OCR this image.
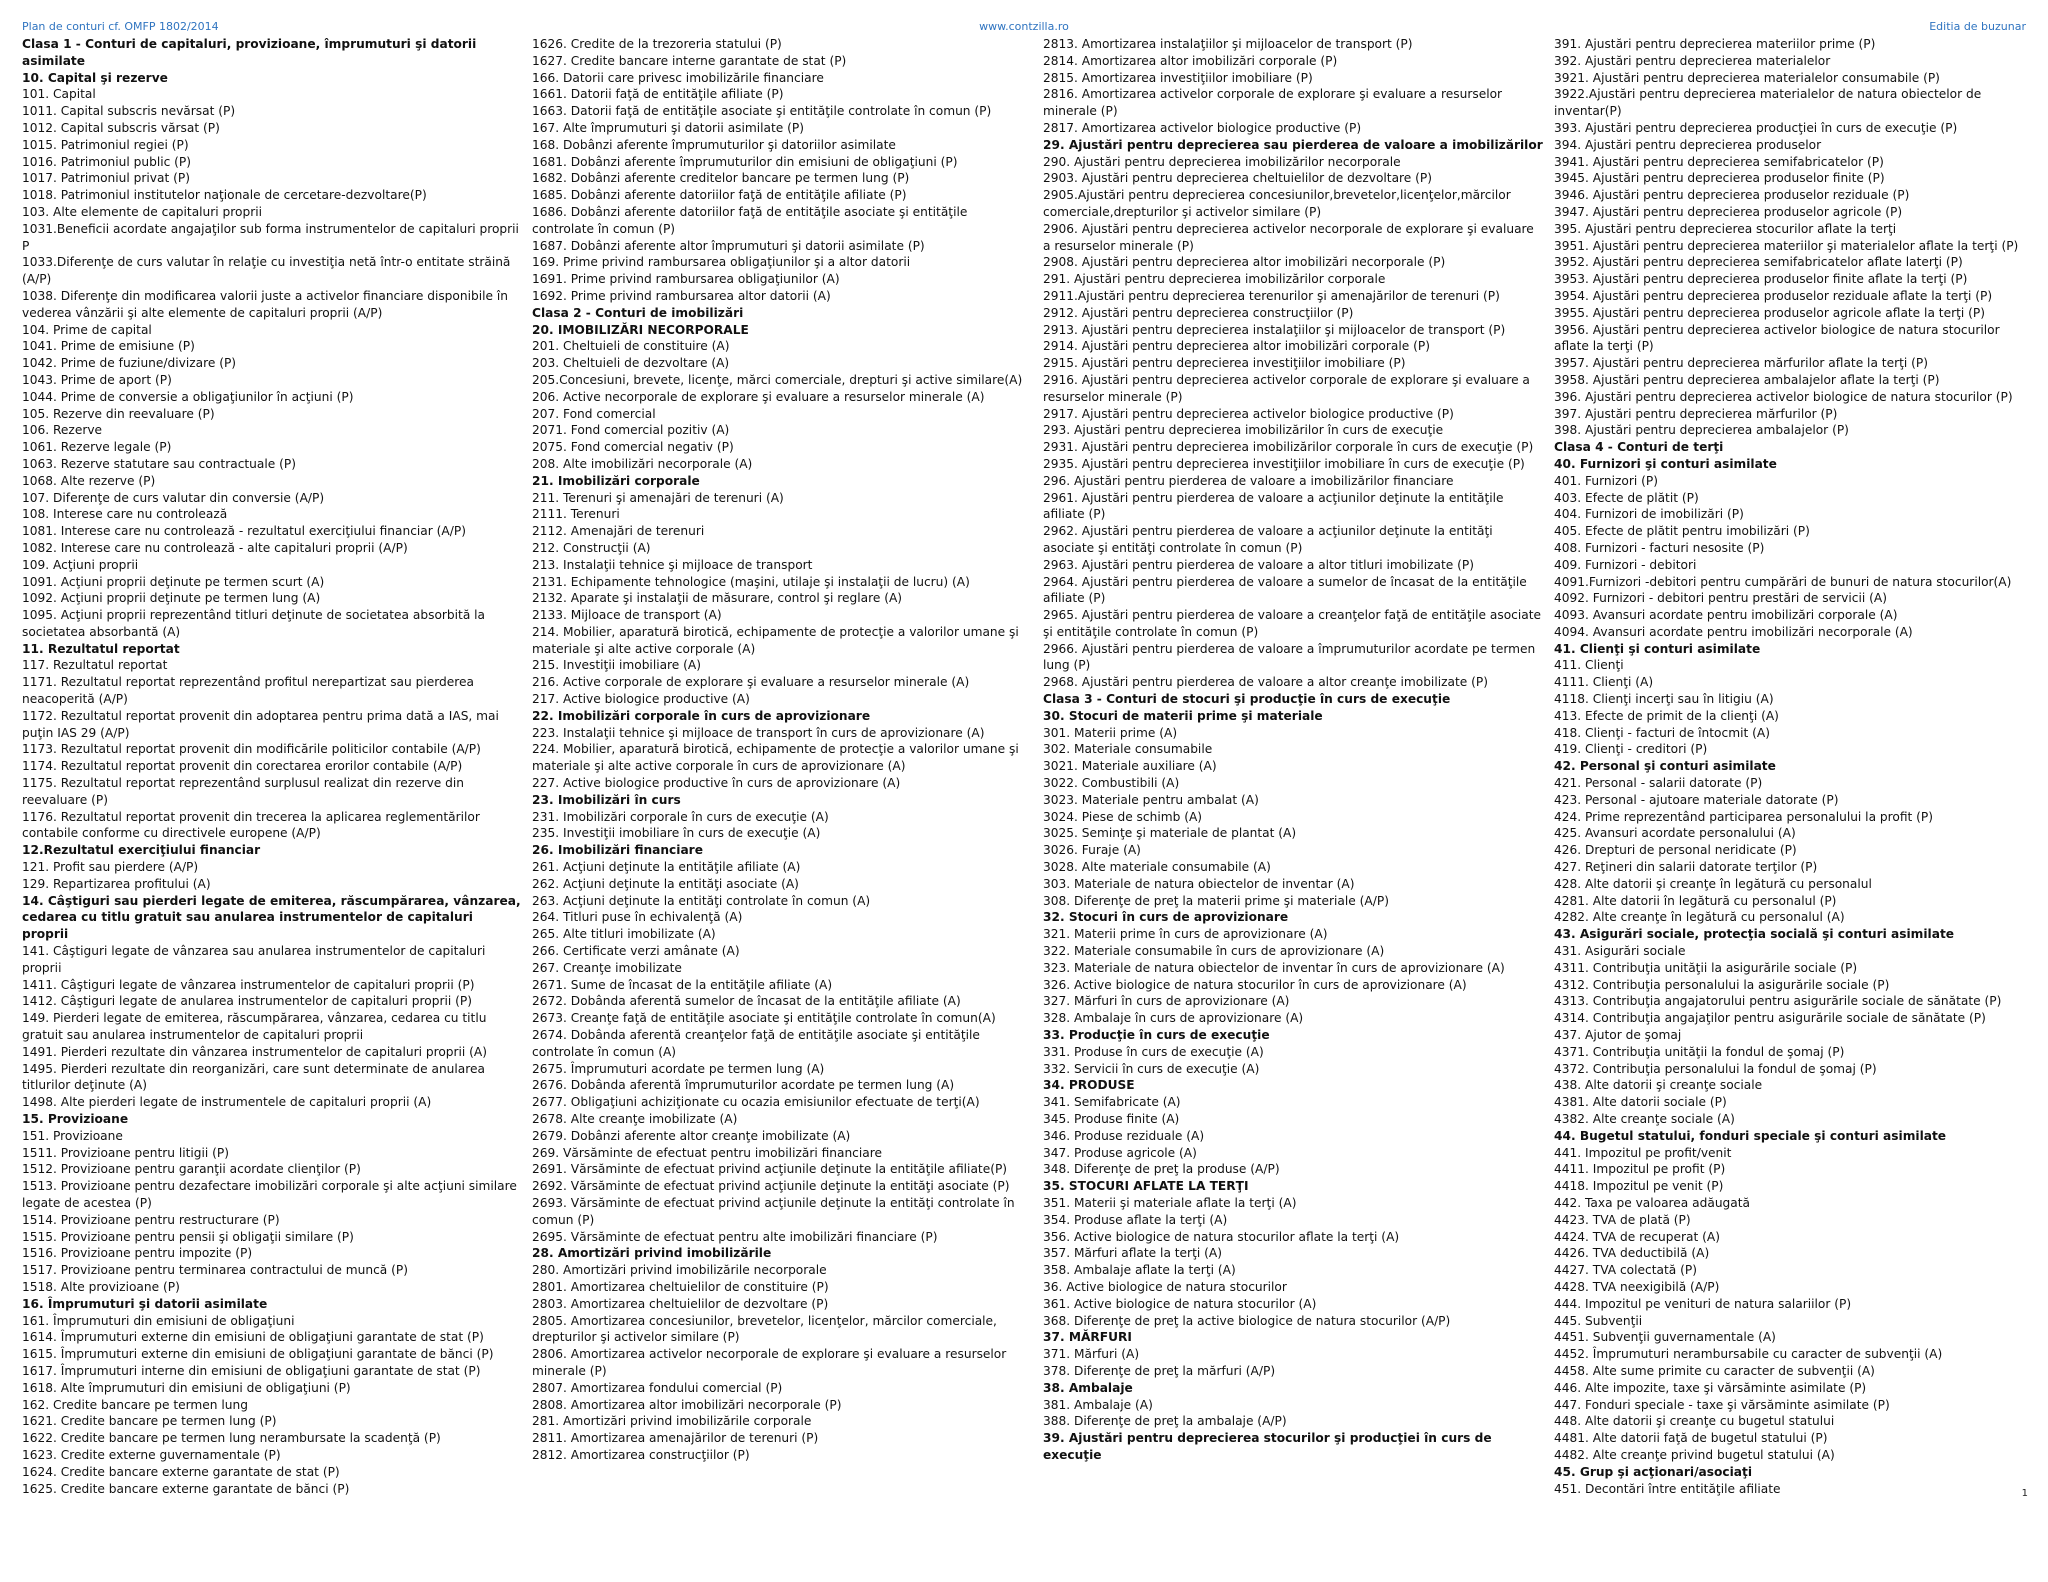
Plan de conturi cf. OMFP 1802/2014	www.contzilla.ro	Editia de buzunar
Clasa 1 - Conturi de capitaluri, provizioane, împrumuturi şi datorii asimilate
10. Capital şi rezerve
101. Capital
1011. Capital subscris nevărsat (P)
1012. Capital subscris vărsat (P)
1015. Patrimoniul regiei (P)
1016. Patrimoniul public (P)
1017. Patrimoniul privat (P)
1018. Patrimoniul institutelor naţionale de cercetare-dezvoltare(P)
103. Alte elemente de capitaluri proprii
1031.Beneficii acordate angajaţilor sub forma instrumentelor de capitaluri proprii P
1033.Diferenţe de curs valutar în relaţie cu investiţia netă într-o entitate străină (A/P)
1038. Diferenţe din modificarea valorii juste a activelor financiare disponibile în vederea vânzării şi alte elemente de capitaluri proprii (A/P)
104. Prime de capital
1041. Prime de emisiune (P)
1042. Prime de fuziune/divizare (P)
1043. Prime de aport (P)
1044. Prime de conversie a obligaţiunilor în acţiuni (P)
105. Rezerve din reevaluare (P)
106. Rezerve
1061. Rezerve legale (P)
1063. Rezerve statutare sau contractuale (P)
1068. Alte rezerve (P)
107. Diferenţe de curs valutar din conversie (A/P)
108. Interese care nu controlează
1081. Interese care nu controlează - rezultatul exerciţiului financiar (A/P)
1082. Interese care nu controlează - alte capitaluri proprii (A/P)
109. Acţiuni proprii
1091. Acţiuni proprii deţinute pe termen scurt (A)
1092. Acţiuni proprii deţinute pe termen lung (A)
1095. Acţiuni proprii reprezentând titluri deţinute de societatea absorbită la societatea absorbantă (A)
11. Rezultatul reportat
117. Rezultatul reportat
1171. Rezultatul reportat reprezentând profitul nerepartizat sau pierderea neacoperită (A/P)
1172. Rezultatul reportat provenit din adoptarea pentru prima dată a IAS, mai puţin IAS 29 (A/P)
1173. Rezultatul reportat provenit din modificările politicilor contabile (A/P)
1174. Rezultatul reportat provenit din corectarea erorilor contabile (A/P)
1175. Rezultatul reportat reprezentând surplusul realizat din rezerve din reevaluare (P)
1176. Rezultatul reportat provenit din trecerea la aplicarea reglementărilor contabile conforme cu directivele europene (A/P)
12.Rezultatul exerciţiului financiar
121. Profit sau pierdere (A/P)
129. Repartizarea profitului (A)
14. Câştiguri sau pierderi legate de emiterea, răscumpărarea, vânzarea, cedarea cu titlu gratuit sau anularea instrumentelor de capitaluri proprii
141. Câştiguri legate de vânzarea sau anularea instrumentelor de capitaluri proprii
1411. Câştiguri legate de vânzarea instrumentelor de capitaluri proprii (P)
1412. Câştiguri legate de anularea instrumentelor de capitaluri proprii (P)
149. Pierderi legate de emiterea, răscumpărarea, vânzarea, cedarea cu titlu gratuit sau anularea instrumentelor de capitaluri proprii
1491. Pierderi rezultate din vânzarea instrumentelor de capitaluri proprii (A)
1495. Pierderi rezultate din reorganizări, care sunt determinate de anularea titlurilor deţinute (A)
1498. Alte pierderi legate de instrumentele de capitaluri proprii (A)
15. Provizioane
151. Provizioane
1511. Provizioane pentru litigii (P)
1512. Provizioane pentru garanţii acordate clienţilor (P)
1513. Provizioane pentru dezafectare imobilizări corporale şi alte acţiuni similare legate de acestea (P)
1514. Provizioane pentru restructurare (P)
1515. Provizioane pentru pensii şi obligaţii similare (P)
1516. Provizioane pentru impozite (P)
1517. Provizioane pentru terminarea contractului de muncă (P)
1518. Alte provizioane (P)
16. Împrumuturi şi datorii asimilate
161. Împrumuturi din emisiuni de obligaţiuni
1614. Împrumuturi externe din emisiuni de obligaţiuni garantate de stat (P)
1615. Împrumuturi externe din emisiuni de obligaţiuni garantate de bănci (P)
1617. Împrumuturi interne din emisiuni de obligaţiuni garantate de stat (P)
1618. Alte împrumuturi din emisiuni de obligaţiuni (P)
162. Credite bancare pe termen lung
1621. Credite bancare pe termen lung (P)
1622. Credite bancare pe termen lung nerambursate la scadenţă (P)
1623. Credite externe guvernamentale (P)
1624. Credite bancare externe garantate de stat (P)
1625. Credite bancare externe garantate de bănci (P)
1626. Credite de la trezoreria statului (P)
1627. Credite bancare interne garantate de stat (P)
166. Datorii care privesc imobilizările financiare
1661. Datorii faţă de entităţile afiliate (P)
1663. Datorii faţă de entităţile asociate şi entităţile controlate în comun (P)
167. Alte împrumuturi şi datorii asimilate (P)
168. Dobânzi aferente împrumuturilor şi datoriilor asimilate
1681. Dobânzi aferente împrumuturilor din emisiuni de obligaţiuni (P)
1682. Dobânzi aferente creditelor bancare pe termen lung (P)
1685. Dobânzi aferente datoriilor faţă de entităţile afiliate (P)
1686. Dobânzi aferente datoriilor faţă de entităţile asociate şi entităţile controlate în comun (P)
1687. Dobânzi aferente altor împrumuturi şi datorii asimilate (P)
169. Prime privind rambursarea obligaţiunilor şi a altor datorii
1691. Prime privind rambursarea obligaţiunilor (A)
1692. Prime privind rambursarea altor datorii (A)
Clasa 2 - Conturi de imobilizări
20. IMOBILIZĂRI NECORPORALE
201. Cheltuieli de constituire (A)
203. Cheltuieli de dezvoltare (A)
205.Concesiuni, brevete, licenţe, mărci comerciale, drepturi şi active similare(A)
206. Active necorporale de explorare şi evaluare a resurselor minerale (A)
207. Fond comercial
2071. Fond comercial pozitiv (A)
2075. Fond comercial negativ (P)
208. Alte imobilizări necorporale (A)
21. Imobilizări corporale
211. Terenuri şi amenajări de terenuri (A)
2111. Terenuri
2112. Amenajări de terenuri
212. Construcţii (A)
213. Instalaţii tehnice şi mijloace de transport
2131. Echipamente tehnologice (maşini, utilaje şi instalaţii de lucru) (A)
2132. Aparate şi instalaţii de măsurare, control şi reglare (A)
2133. Mijloace de transport (A)
214. Mobilier, aparatură birotică, echipamente de protecţie a valorilor umane şi materiale şi alte active corporale (A)
215. Investiţii imobiliare (A)
216. Active corporale de explorare şi evaluare a resurselor minerale (A)
217. Active biologice productive (A)
22. Imobilizări corporale în curs de aprovizionare
223. Instalaţii tehnice şi mijloace de transport în curs de aprovizionare (A)
224. Mobilier, aparatură birotică, echipamente de protecţie a valorilor umane şi materiale şi alte active corporale în curs de aprovizionare (A)
227. Active biologice productive în curs de aprovizionare (A)
23. Imobilizări în curs
231. Imobilizări corporale în curs de execuţie (A)
235. Investiţii imobiliare în curs de execuţie (A)
26. Imobilizări financiare
261. Acţiuni deţinute la entităţile afiliate (A)
262. Acţiuni deţinute la entităţi asociate (A)
263. Acţiuni deţinute la entităţi controlate în comun (A)
264. Titluri puse în echivalenţă (A)
265. Alte titluri imobilizate (A)
266. Certificate verzi amânate (A)
267. Creanţe imobilizate
2671. Sume de încasat de la entităţile afiliate (A)
2672. Dobânda aferentă sumelor de încasat de la entităţile afiliate (A)
2673. Creanţe faţă de entităţile asociate şi entităţile controlate în comun(A)
2674. Dobânda aferentă creanţelor faţă de entităţile asociate şi entităţile controlate în comun (A)
2675. Împrumuturi acordate pe termen lung (A)
2676. Dobânda aferentă împrumuturilor acordate pe termen lung (A)
2677. Obligaţiuni achiziţionate cu ocazia emisiunilor efectuate de terţi(A)
2678. Alte creanţe imobilizate (A)
2679. Dobânzi aferente altor creanţe imobilizate (A)
269. Vărsăminte de efectuat pentru imobilizări financiare
2691. Vărsăminte de efectuat privind acţiunile deţinute la entităţile afiliate(P)
2692. Vărsăminte de efectuat privind acţiunile deţinute la entităţi asociate (P)
2693. Vărsăminte de efectuat privind acţiunile deţinute la entităţi controlate în comun (P)
2695. Vărsăminte de efectuat pentru alte imobilizări financiare (P)
28. Amortizări privind imobilizările
280. Amortizări privind imobilizările necorporale
2801. Amortizarea cheltuielilor de constituire (P)
2803. Amortizarea cheltuielilor de dezvoltare (P)
2805. Amortizarea concesiunilor, brevetelor, licenţelor, mărcilor comerciale, drepturilor şi activelor similare (P)
2806. Amortizarea activelor necorporale de explorare şi evaluare a resurselor minerale (P)
2807. Amortizarea fondului comercial (P)
2808. Amortizarea altor imobilizări necorporale (P)
281. Amortizări privind imobilizările corporale
2811. Amortizarea amenajărilor de terenuri (P)
2812. Amortizarea construcţiilor (P)
2813. Amortizarea instalaţiilor şi mijloacelor de transport (P)
2814. Amortizarea altor imobilizări corporale (P)
2815. Amortizarea investiţiilor imobiliare (P)
2816. Amortizarea activelor corporale de explorare şi evaluare a resurselor minerale (P)
2817. Amortizarea activelor biologice productive (P)
29. Ajustări pentru deprecierea sau pierderea de valoare a imobilizărilor
290. Ajustări pentru deprecierea imobilizărilor necorporale
2903. Ajustări pentru deprecierea cheltuielilor de dezvoltare (P)
2905.Ajustări pentru deprecierea concesiunilor,brevetelor,licenţelor,mărcilor comerciale,drepturilor şi activelor similare (P)
2906. Ajustări pentru deprecierea activelor necorporale de explorare şi evaluare a resurselor minerale (P)
2908. Ajustări pentru deprecierea altor imobilizări necorporale (P)
291. Ajustări pentru deprecierea imobilizărilor corporale
2911.Ajustări pentru deprecierea terenurilor şi amenajărilor de terenuri (P)
2912. Ajustări pentru deprecierea construcţiilor (P)
2913. Ajustări pentru deprecierea instalaţiilor şi mijloacelor de transport (P)
2914. Ajustări pentru deprecierea altor imobilizări corporale (P)
2915. Ajustări pentru deprecierea investiţiilor imobiliare (P)
2916. Ajustări pentru deprecierea activelor corporale de explorare şi evaluare a resurselor minerale (P)
2917. Ajustări pentru deprecierea activelor biologice productive (P)
293. Ajustări pentru deprecierea imobilizărilor în curs de execuţie
2931. Ajustări pentru deprecierea imobilizărilor corporale în curs de execuţie (P)
2935. Ajustări pentru deprecierea investiţiilor imobiliare în curs de execuţie (P)
296. Ajustări pentru pierderea de valoare a imobilizărilor financiare
2961. Ajustări pentru pierderea de valoare a acţiunilor deţinute la entităţile afiliate (P)
2962. Ajustări pentru pierderea de valoare a acţiunilor deţinute la entităţi asociate şi entităţi controlate în comun (P)
2963. Ajustări pentru pierderea de valoare a altor titluri imobilizate (P)
2964. Ajustări pentru pierderea de valoare a sumelor de încasat de la entităţile afiliate (P)
2965. Ajustări pentru pierderea de valoare a creanţelor faţă de entităţile asociate şi entităţile controlate în comun (P)
2966. Ajustări pentru pierderea de valoare a împrumuturilor acordate pe termen lung (P)
2968. Ajustări pentru pierderea de valoare a altor creanţe imobilizate (P)
Clasa 3 - Conturi de stocuri şi producţie în curs de execuţie
30. Stocuri de materii prime şi materiale
301. Materii prime (A)
302. Materiale consumabile
3021. Materiale auxiliare (A)
3022. Combustibili (A)
3023. Materiale pentru ambalat (A)
3024. Piese de schimb (A)
3025. Seminţe şi materiale de plantat (A)
3026. Furaje (A)
3028. Alte materiale consumabile (A)
303. Materiale de natura obiectelor de inventar (A)
308. Diferenţe de preţ la materii prime şi materiale (A/P)
32. Stocuri în curs de aprovizionare
321. Materii prime în curs de aprovizionare (A)
322. Materiale consumabile în curs de aprovizionare (A)
323. Materiale de natura obiectelor de inventar în curs de aprovizionare (A)
326. Active biologice de natura stocurilor în curs de aprovizionare (A)
327. Mărfuri în curs de aprovizionare (A)
328. Ambalaje în curs de aprovizionare (A)
33. Producţie în curs de execuţie
331. Produse în curs de execuţie (A)
332. Servicii în curs de execuţie (A)
34. PRODUSE
341. Semifabricate (A)
345. Produse finite (A)
346. Produse reziduale (A)
347. Produse agricole (A)
348. Diferenţe de preţ la produse (A/P)
35. STOCURI AFLATE LA TERŢI
351. Materii şi materiale aflate la terţi (A)
354. Produse aflate la terţi (A)
356. Active biologice de natura stocurilor aflate la terţi (A)
357. Mărfuri aflate la terţi (A)
358. Ambalaje aflate la terţi (A)
36. Active biologice de natura stocurilor
361. Active biologice de natura stocurilor (A)
368. Diferenţe de preţ la active biologice de natura stocurilor (A/P)
37. MĂRFURI
371. Mărfuri (A)
378. Diferenţe de preţ la mărfuri (A/P)
38. Ambalaje
381. Ambalaje (A)
388. Diferenţe de preţ la ambalaje (A/P)
39. Ajustări pentru deprecierea stocurilor şi producţiei în curs de execuţie
391. Ajustări pentru deprecierea materiilor prime (P)
392. Ajustări pentru deprecierea materialelor
3921. Ajustări pentru deprecierea materialelor consumabile (P)
3922.Ajustări pentru deprecierea materialelor de natura obiectelor de inventar(P)
393. Ajustări pentru deprecierea producţiei în curs de execuţie (P)
394. Ajustări pentru deprecierea produselor
3941. Ajustări pentru deprecierea semifabricatelor (P)
3945. Ajustări pentru deprecierea produselor finite (P)
3946. Ajustări pentru deprecierea produselor reziduale (P)
3947. Ajustări pentru deprecierea produselor agricole (P)
395. Ajustări pentru deprecierea stocurilor aflate la terţi
3951. Ajustări pentru deprecierea materiilor şi materialelor aflate la terţi (P) 3952. Ajustări pentru deprecierea semifabricatelor aflate laterţi (P)
3953. Ajustări pentru deprecierea produselor finite aflate la terţi (P)
3954. Ajustări pentru deprecierea produselor reziduale aflate la terţi (P)
3955. Ajustări pentru deprecierea produselor agricole aflate la terţi (P)
3956. Ajustări pentru deprecierea activelor biologice de natura stocurilor aflate la terţi (P)
3957. Ajustări pentru deprecierea mărfurilor aflate la terţi (P)
3958. Ajustări pentru deprecierea ambalajelor aflate la terţi (P)
396. Ajustări pentru deprecierea activelor biologice de natura stocurilor (P)
397. Ajustări pentru deprecierea mărfurilor (P)
398. Ajustări pentru deprecierea ambalajelor (P)
Clasa 4 - Conturi de terţi
40. Furnizori şi conturi asimilate
401. Furnizori (P)
403. Efecte de plătit (P)
404. Furnizori de imobilizări (P)
405. Efecte de plătit pentru imobilizări (P)
408. Furnizori - facturi nesosite (P)
409. Furnizori - debitori
4091.Furnizori -debitori pentru cumpărări de bunuri de natura stocurilor(A)
4092. Furnizori - debitori pentru prestări de servicii (A)
4093. Avansuri acordate pentru imobilizări corporale (A)
4094. Avansuri acordate pentru imobilizări necorporale (A)
41. Clienţi şi conturi asimilate
411. Clienţi
4111. Clienţi (A)
4118. Clienţi incerţi sau în litigiu (A)
413. Efecte de primit de la clienţi (A)
418. Clienţi - facturi de întocmit (A)
419. Clienţi - creditori (P)
42. Personal şi conturi asimilate
421. Personal - salarii datorate (P)
423. Personal - ajutoare materiale datorate (P)
424. Prime reprezentând participarea personalului la profit (P)
425. Avansuri acordate personalului (A)
426. Drepturi de personal neridicate (P)
427. Reţineri din salarii datorate terţilor (P)
428. Alte datorii şi creanţe în legătură cu personalul
4281. Alte datorii în legătură cu personalul (P)
4282. Alte creanţe în legătură cu personalul (A)
43. Asigurări sociale, protecţia socială şi conturi asimilate
431. Asigurări sociale
4311. Contribuţia unităţii la asigurările sociale (P)
4312. Contribuţia personalului la asigurările sociale (P)
4313. Contribuţia angajatorului pentru asigurările sociale de sănătate (P)
4314. Contribuţia angajaţilor pentru asigurările sociale de sănătate (P)
437. Ajutor de şomaj
4371. Contribuţia unităţii la fondul de şomaj (P)
4372. Contribuţia personalului la fondul de şomaj (P)
438. Alte datorii şi creanţe sociale
4381. Alte datorii sociale (P)
4382. Alte creanţe sociale (A)
44. Bugetul statului, fonduri speciale şi conturi asimilate
441. Impozitul pe profit/venit
4411. Impozitul pe profit (P)
4418. Impozitul pe venit (P)
442. Taxa pe valoarea adăugată
4423. TVA de plată (P)
4424. TVA de recuperat (A)
4426. TVA deductibilă (A)
4427. TVA colectată (P)
4428. TVA neexigibilă (A/P)
444. Impozitul pe venituri de natura salariilor (P)
445. Subvenţii
4451. Subvenţii guvernamentale (A)
4452. Împrumuturi nerambursabile cu caracter de subvenţii (A)
4458. Alte sume primite cu caracter de subvenţii (A)
446. Alte impozite, taxe şi vărsăminte asimilate (P)
447. Fonduri speciale - taxe şi vărsăminte asimilate (P)
448. Alte datorii şi creanţe cu bugetul statului
4481. Alte datorii faţă de bugetul statului (P)
4482. Alte creanţe privind bugetul statului (A)
45. Grup şi acţionari/asociaţi
451. Decontări între entităţile afiliate	1
